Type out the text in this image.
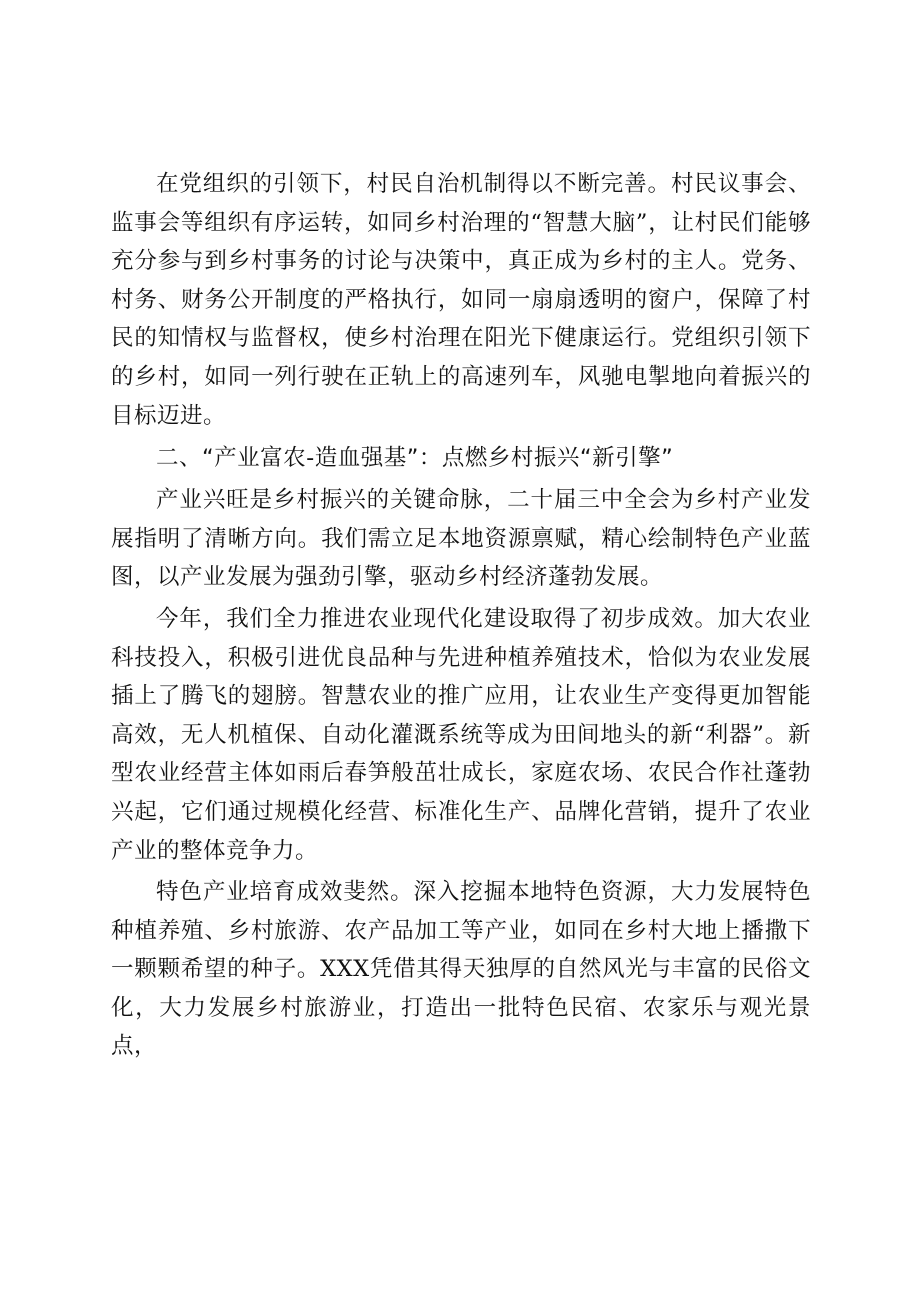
在党组织的引领下，村民自治机制得以不断完善。村民议事会、监事会等组织有序运转，如同乡村治理的“智慧大脑”，让村民们能够充分参与到乡村事务的讨论与决策中，真正成为乡村的主人。党务、村务、财务公开制度的严格执行，如同一扇扇透明的窗户，保障了村民的知情权与监督权，使乡村治理在阳光下健康运行。党组织引领下的乡村，如同一列行驶在正轨上的高速列车，风驰电掣地向着振兴的目标迈进。

二、“产业富农-造血强基”：点燃乡村振兴“新引擎”

产业兴旺是乡村振兴的关键命脉，二十届三中全会为乡村产业发展指明了清晰方向。我们需立足本地资源禀赋，精心绘制特色产业蓝图，以产业发展为强劲引擎，驱动乡村经济蓬勃发展。

今年，我们全力推进农业现代化建设取得了初步成效。加大农业科技投入，积极引进优良品种与先进种植养殖技术，恰似为农业发展插上了腾飞的翅膀。智慧农业的推广应用，让农业生产变得更加智能高效，无人机植保、自动化灌溉系统等成为田间地头的新“利器”。新型农业经营主体如雨后春笋般茁壮成长，家庭农场、农民合作社蓬勃兴起，它们通过规模化经营、标准化生产、品牌化营销，提升了农业产业的整体竞争力。

特色产业培育成效斐然。深入挖掘本地特色资源，大力发展特色种植养殖、乡村旅游、农产品加工等产业，如同在乡村大地上播撒下一颗颗希望的种子。XXX凭借其得天独厚的自然风光与丰富的民俗文化，大力发展乡村旅游业，打造出一批特色民宿、农家乐与观光景点，
